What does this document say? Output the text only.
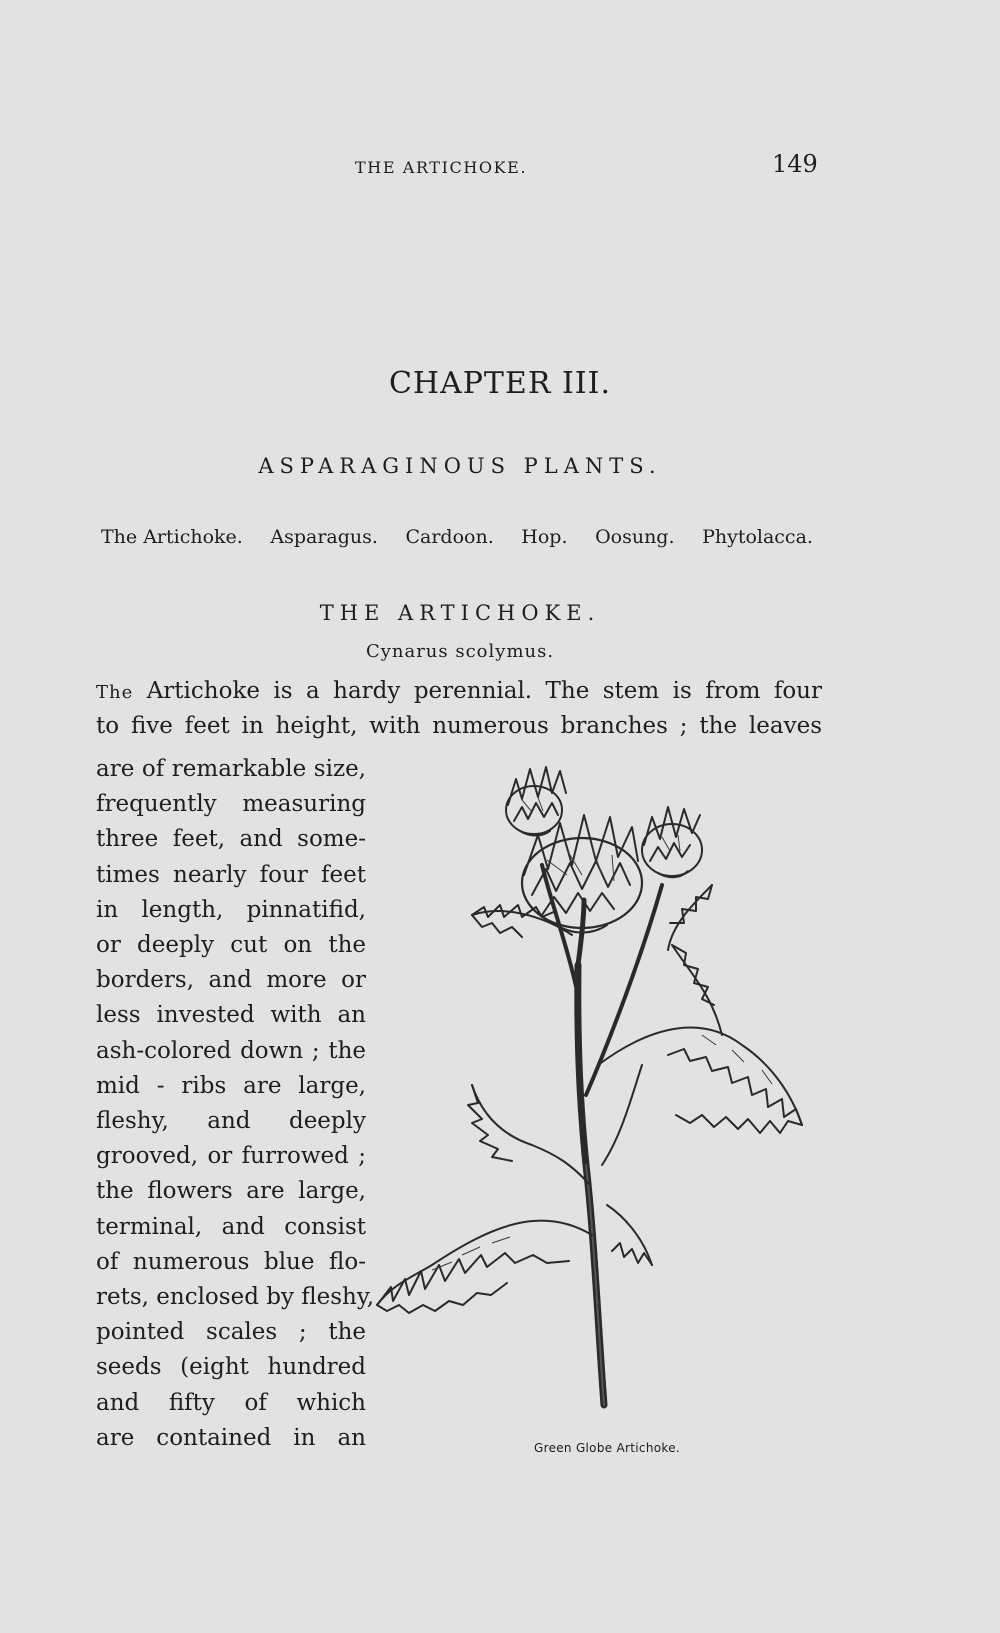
THE ARTICHOKE.	149
CHAPTER III.
ASPARAGINOUS PLANTS.
The Artichoke. Asparagus. Cardoon. Hop. Oosung. Phytolacca.
THE ARTICHOKE.
Cynarus scolymus.
The Artichoke is a hardy perennial. The stem is from four
to five feet in height, with numerous branches ; the leaves
are of remarkable size,
frequently measuring
three feet, and some-
times nearly four feet
in length, pinnatifid,
or deeply cut on the
borders, and more or
less invested with an
ash-colored down ; the
mid - ribs are large,
fleshy, and deeply
grooved, or furrowed ;
the flowers are large,
terminal, and consist
of numerous blue flo-
rets, enclosed by fleshy,
pointed scales ; the
seeds (eight hundred
and fifty of which
are contained in an	Green Globe Artichoke.
